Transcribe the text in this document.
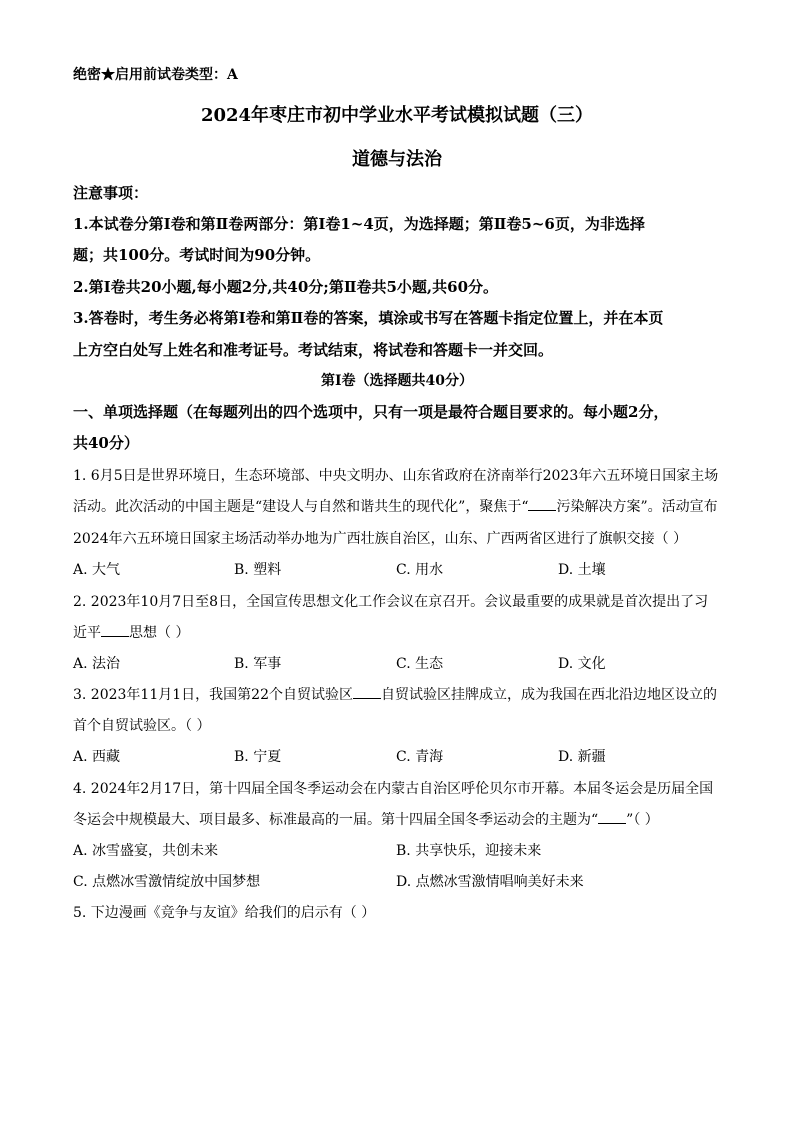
绝密★启用前试卷类型：A
2024年枣庄市初中学业水平考试模拟试题（三）
道德与法治
注意事项：
1.本试卷分第Ⅰ卷和第Ⅱ卷两部分：第Ⅰ卷1~4页，为选择题；第Ⅱ卷5~6页，为非选择
题；共100分。考试时间为90分钟。
2.第Ⅰ卷共20小题,每小题2分,共40分;第Ⅱ卷共5小题,共60分。
3.答卷时，考生务必将第Ⅰ卷和第Ⅱ卷的答案，填涂或书写在答题卡指定位置上，并在本页
上方空白处写上姓名和准考证号。考试结束，将试卷和答题卡一并交回。
第Ⅰ卷（选择题共40分）
一、单项选择题（在每题列出的四个选项中，只有一项是最符合题目要求的。每小题2分，
共40分）
1. 6月5日是世界环境日，生态环境部、中央文明办、山东省政府在济南举行2023年六五环境日国家主场
活动。此次活动的中国主题是“建设人与自然和谐共生的现代化”，聚焦于“ 污染解决方案”。活动宣布
2024年六五环境日国家主场活动举办地为广西壮族自治区，山东、广西两省区进行了旗帜交接（ ）
A. 大气	B. 塑料	C. 用水	D. 土壤
2. 2023年10月7日至8日，全国宣传思想文化工作会议在京召开。会议最重要的成果就是首次提出了习
近平 思想（ ）
A. 法治	B. 军事	C. 生态	D. 文化
3. 2023年11月1日，我国第22个自贸试验区 自贸试验区挂牌成立，成为我国在西北沿边地区设立的
首个自贸试验区。（ ）
A. 西藏	B. 宁夏	C. 青海	D. 新疆
4. 2024年2月17日，第十四届全国冬季运动会在内蒙古自治区呼伦贝尔市开幕。本届冬运会是历届全国
冬运会中规模最大、项目最多、标准最高的一届。第十四届全国冬季运动会的主题为“ ”（ ）
A. 冰雪盛宴，共创未来	B. 共享快乐，迎接未来
C. 点燃冰雪激情绽放中国梦想	D. 点燃冰雪激情唱响美好未来
5. 下边漫画《竞争与友谊》给我们的启示有（ ）
